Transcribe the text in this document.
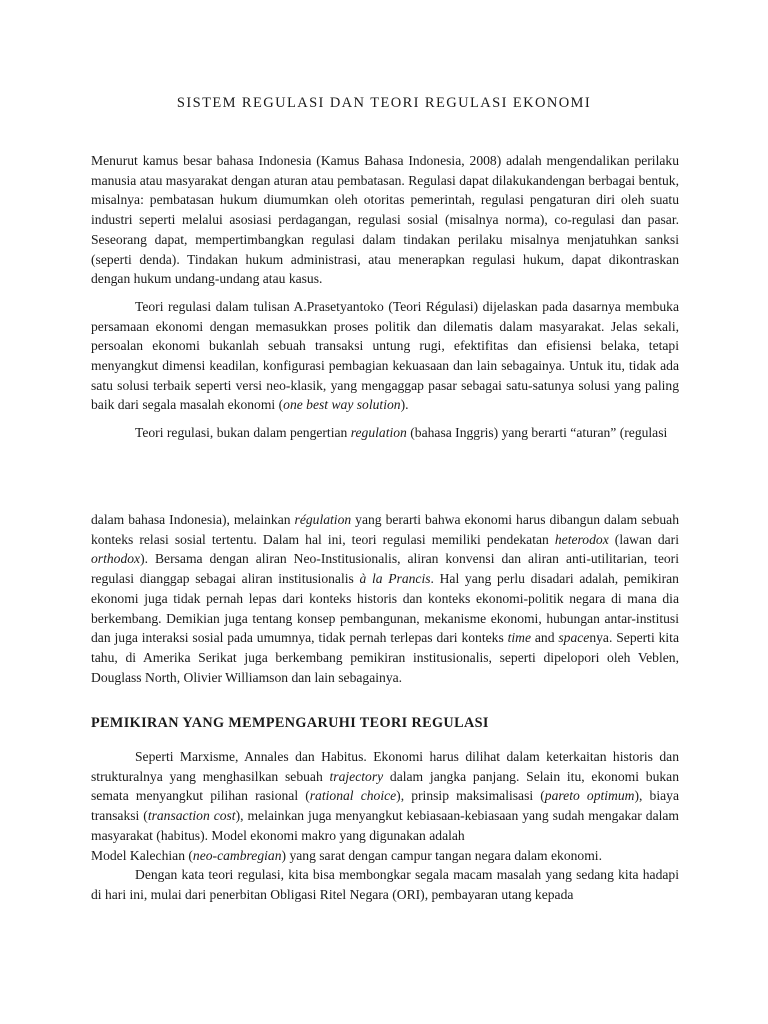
SISTEM REGULASI DAN TEORI REGULASI EKONOMI

Menurut kamus besar bahasa Indonesia (Kamus Bahasa Indonesia, 2008) adalah mengendalikan perilaku manusia atau masyarakat dengan aturan atau pembatasan. Regulasi dapat dilakukandengan berbagai bentuk, misalnya: pembatasan hukum diumumkan oleh otoritas pemerintah, regulasi pengaturan diri oleh suatu industri seperti melalui asosiasi perdagangan, regulasi sosial (misalnya norma), co-regulasi dan pasar. Seseorang dapat, mempertimbangkan regulasi dalam tindakan perilaku misalnya menjatuhkan sanksi (seperti denda). Tindakan hukum administrasi, atau menerapkan regulasi hukum, dapat dikontraskan dengan hukum undang-undang atau kasus.

Teori regulasi dalam tulisan A.Prasetyantoko (Teori Régulasi) dijelaskan pada dasarnya membuka persamaan ekonomi dengan memasukkan proses politik dan dilematis dalam masyarakat. Jelas sekali, persoalan ekonomi bukanlah sebuah transaksi untung rugi, efektifitas dan efisiensi belaka, tetapi menyangkut dimensi keadilan, konfigurasi pembagian kekuasaan dan lain sebagainya. Untuk itu, tidak ada satu solusi terbaik seperti versi neo-klasik, yang mengaggap pasar sebagai satu-satunya solusi yang paling baik dari segala masalah ekonomi (one best way solution).

Teori regulasi, bukan dalam pengertian regulation (bahasa Inggris) yang berarti “aturan” (regulasi

dalam bahasa Indonesia), melainkan régulation yang berarti bahwa ekonomi harus dibangun dalam sebuah konteks relasi sosial tertentu. Dalam hal ini, teori regulasi memiliki pendekatan heterodox (lawan dari orthodox). Bersama dengan aliran Neo-Institusionalis, aliran konvensi dan aliran anti-utilitarian, teori regulasi dianggap sebagai aliran institusionalis à la Prancis. Hal yang perlu disadari adalah, pemikiran ekonomi juga tidak pernah lepas dari konteks historis dan konteks ekonomi-politik negara di mana dia berkembang. Demikian juga tentang konsep pembangunan, mekanisme ekonomi, hubungan antar-institusi dan juga interaksi sosial pada umumnya, tidak pernah terlepas dari konteks time and spacenya. Seperti kita tahu, di Amerika Serikat juga berkembang pemikiran institusionalis, seperti dipelopori oleh Veblen, Douglass North, Olivier Williamson dan lain sebagainya.

PEMIKIRAN YANG MEMPENGARUHI TEORI REGULASI

Seperti Marxisme, Annales dan Habitus. Ekonomi harus dilihat dalam keterkaitan historis dan strukturalnya yang menghasilkan sebuah trajectory dalam jangka panjang. Selain itu, ekonomi bukan semata menyangkut pilihan rasional (rational choice), prinsip maksimalisasi (pareto optimum), biaya transaksi (transaction cost), melainkan juga menyangkut kebiasaan-kebiasaan yang sudah mengakar dalam masyarakat (habitus). Model ekonomi makro yang digunakan adalah

Model Kalechian (neo-cambregian) yang sarat dengan campur tangan negara dalam ekonomi.

Dengan kata teori regulasi, kita bisa membongkar segala macam masalah yang sedang kita hadapi di hari ini, mulai dari penerbitan Obligasi Ritel Negara (ORI), pembayaran utang kepada
